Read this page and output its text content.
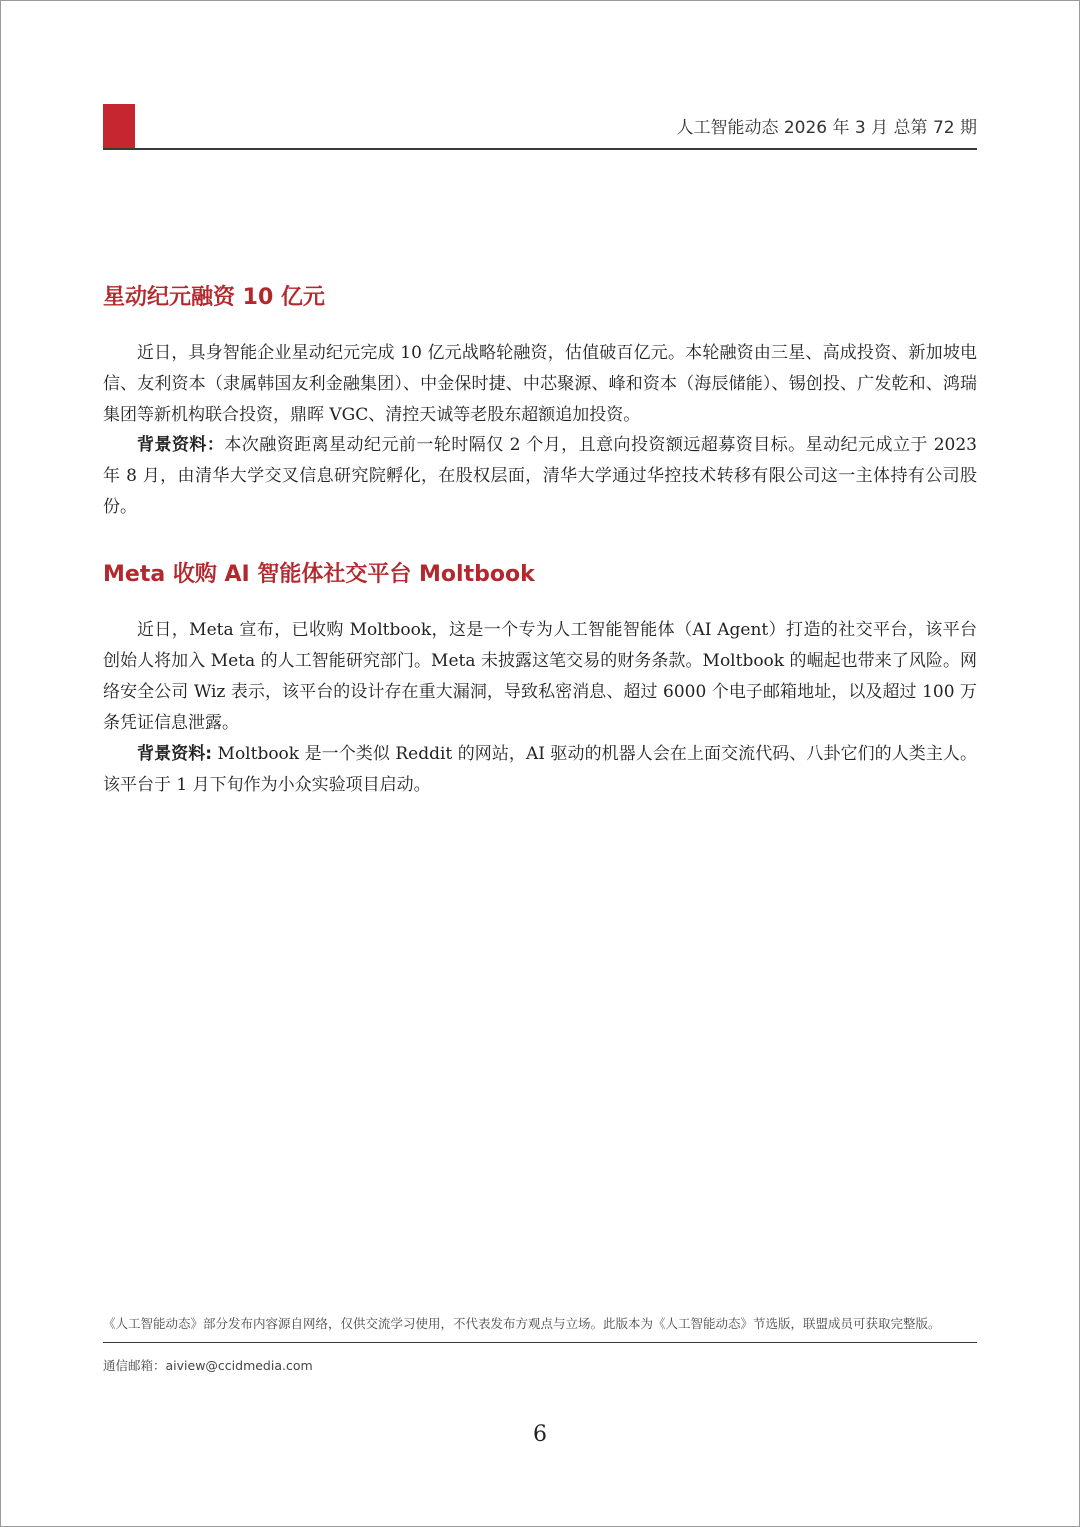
人工智能动态 2026 年 3 月 总第 72 期
星动纪元融资 10 亿元

近日，具身智能企业星动纪元完成 10 亿元战略轮融资，估值破百亿元。本轮融资由三星、高成投资、新加坡电信、友利资本（隶属韩国友利金融集团）、中金保时捷、中芯聚源、峰和资本（海辰储能）、锡创投、广发乾和、鸿瑞集团等新机构联合投资，鼎晖 VGC、清控天诚等老股东超额追加投资。

背景资料：本次融资距离星动纪元前一轮时隔仅 2 个月，且意向投资额远超募资目标。星动纪元成立于 2023 年 8 月，由清华大学交叉信息研究院孵化，在股权层面，清华大学通过华控技术转移有限公司这一主体持有公司股份。

Meta 收购 AI 智能体社交平台 Moltbook

近日，Meta 宣布，已收购 Moltbook，这是一个专为人工智能智能体（AI Agent）打造的社交平台，该平台创始人将加入 Meta 的人工智能研究部门。Meta 未披露这笔交易的财务条款。Moltbook 的崛起也带来了风险。网络安全公司 Wiz 表示，该平台的设计存在重大漏洞，导致私密消息、超过 6000 个电子邮箱地址，以及超过 100 万条凭证信息泄露。

背景资料: Moltbook 是一个类似 Reddit 的网站，AI 驱动的机器人会在上面交流代码、八卦它们的人类主人。该平台于 1 月下旬作为小众实验项目启动。

《人工智能动态》部分发布内容源自网络，仅供交流学习使用，不代表发布方观点与立场。此版本为《人工智能动态》节选版，联盟成员可获取完整版。
通信邮箱：aiview@ccidmedia.com
6
